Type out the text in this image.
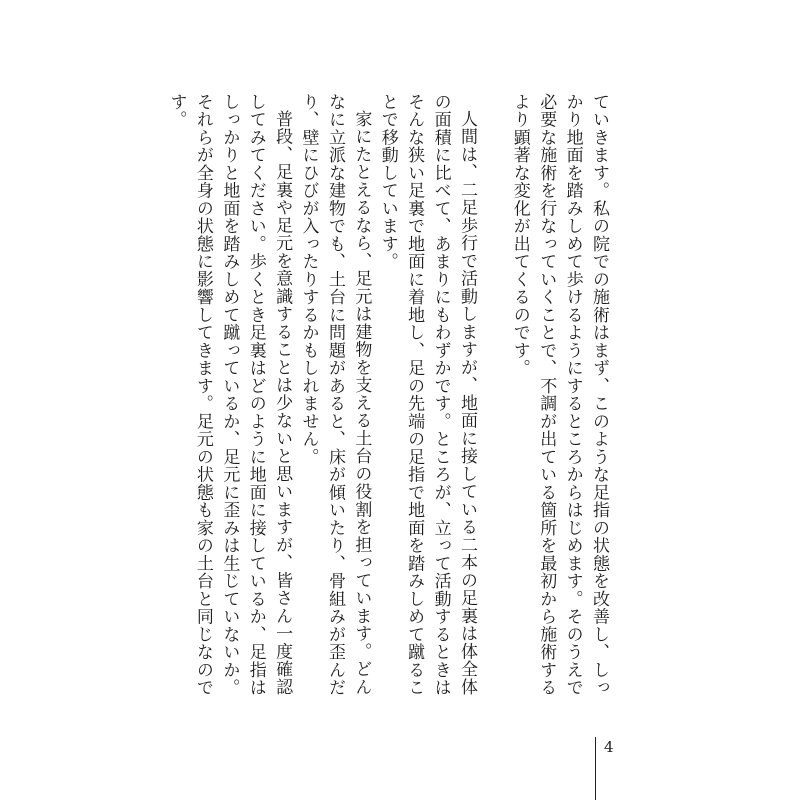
ていきます。私の院での施術はまず、このような足指の状態を改善し、しっかり地面を踏みしめて歩けるようにするところからはじめます。そのうえで必要な施術を行なっていくことで、不調が出ている箇所を最初から施術するより顕著な変化が出てくるのです。

人間は、二足歩行で活動しますが、地面に接している二本の足裏は体全体の面積に比べて、あまりにもわずかです。ところが、立って活動するときはそんな狭い足裏で地面に着地し、足の先端の足指で地面を踏みしめて蹴ることで移動しています。

家にたとえるなら、足元は建物を支える土台の役割を担っています。どんなに立派な建物でも、土台に問題があると、床が傾いたり、骨組みが歪んだり、壁にひびが入ったりするかもしれません。

普段、足裏や足元を意識することは少ないと思いますが、皆さん一度確認してみてください。歩くとき足裏はどのように地面に接しているか、足指はしっかりと地面を踏みしめて蹴っているか、足元に歪みは生じていないか。それらが全身の状態に影響してきます。足元の状態も家の土台と同じなのです。

4
